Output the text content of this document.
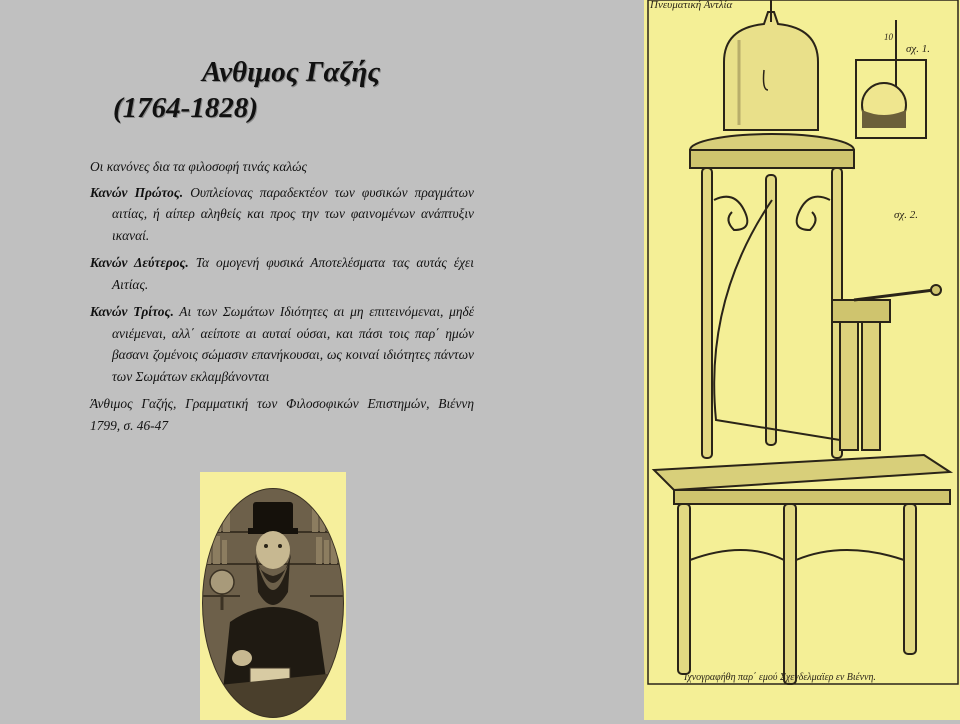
Ανθιμος Γαζής
(1764-1828)

Οι κανόνες δια τα φιλοσοφή τινάς καλώς

Κανών Πρώτος. Ουπλείονας παραδεκτέον των φυσικών πραγμάτων αιτίας, ή αίπερ αληθείς και προς την των φαινομένων ανάπτυξιν ικαναί.

Κανών Δεύτερος. Τα ομογενή φυσικά Αποτελέσματα τας αυτάς έχει Αιτίας.

Κανών Τρίτος. Αι των Σωμάτων Ιδιότητες αι μη επιτεινόμεναι, μηδέ ανιέμεναι, αλλ΄ αείποτε αι αυταί ούσαι, και πάσι τοις παρ΄ ημών βασανι ζομένοις σώμασιν επανήκουσαι, ως κοιναί ιδιότητες πάντων των Σωμάτων εκλαμβάνονται

Άνθιμος Γαζής, Γραμματική των Φιλοσοφικών Επιστημών, Βιέννη 1799, σ. 46-47

Πνευματική Αντλία
10
σχ. 1.
σχ. 2.
Ιχνογραφήθη παρ΄ εμού Σχενδελμαϊερ εν Βιέννη.
